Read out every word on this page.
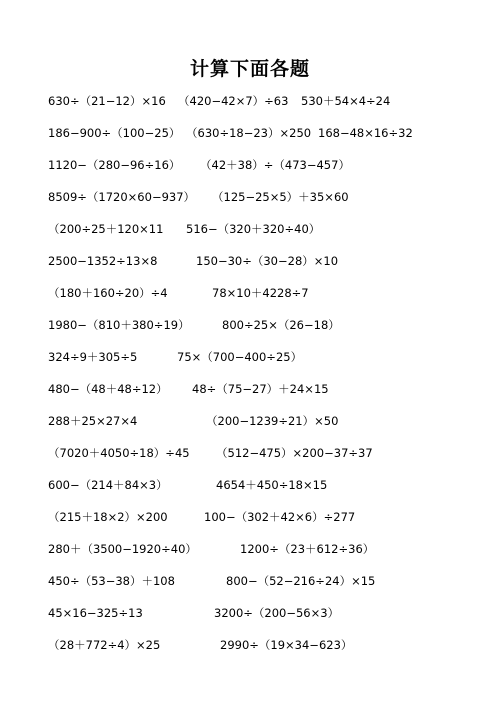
计算下面各题
630÷（21−12）×16 （420−42×7）÷63 530＋54×4÷24
186−900÷（100−25） （630÷18−23）×250 168−48×16÷32
1120−（280−96÷16） （42＋38）÷（473−457）
8509÷（1720×60−937） （125−25×5）＋35×60
（200÷25＋120×11 516−（320＋320÷40）
2500−1352÷13×8	150−30÷（30−28）×10
（180＋160÷20）÷4	78×10＋4228÷7
1980−（810＋380÷19）	800÷25×（26−18）
324÷9＋305÷5	75×（700−400÷25）
480−（48＋48÷12） 48÷（75−27）＋24×15
288＋25×27×4	（200−1239÷21）×50
（7020＋4050÷18）÷45 （512−475）×200−37÷37
600−（214＋84×3）	4654＋450÷18×15
（215＋18×2）×200	100−（302＋42×6）÷277
280＋（3500−1920÷40）	1200÷（23＋612÷36）
450÷（53−38）＋108	800−（52−216÷24）×15
45×16−325÷13	3200÷（200−56×3）
（28＋772÷4）×25	2990÷（19×34−623）
